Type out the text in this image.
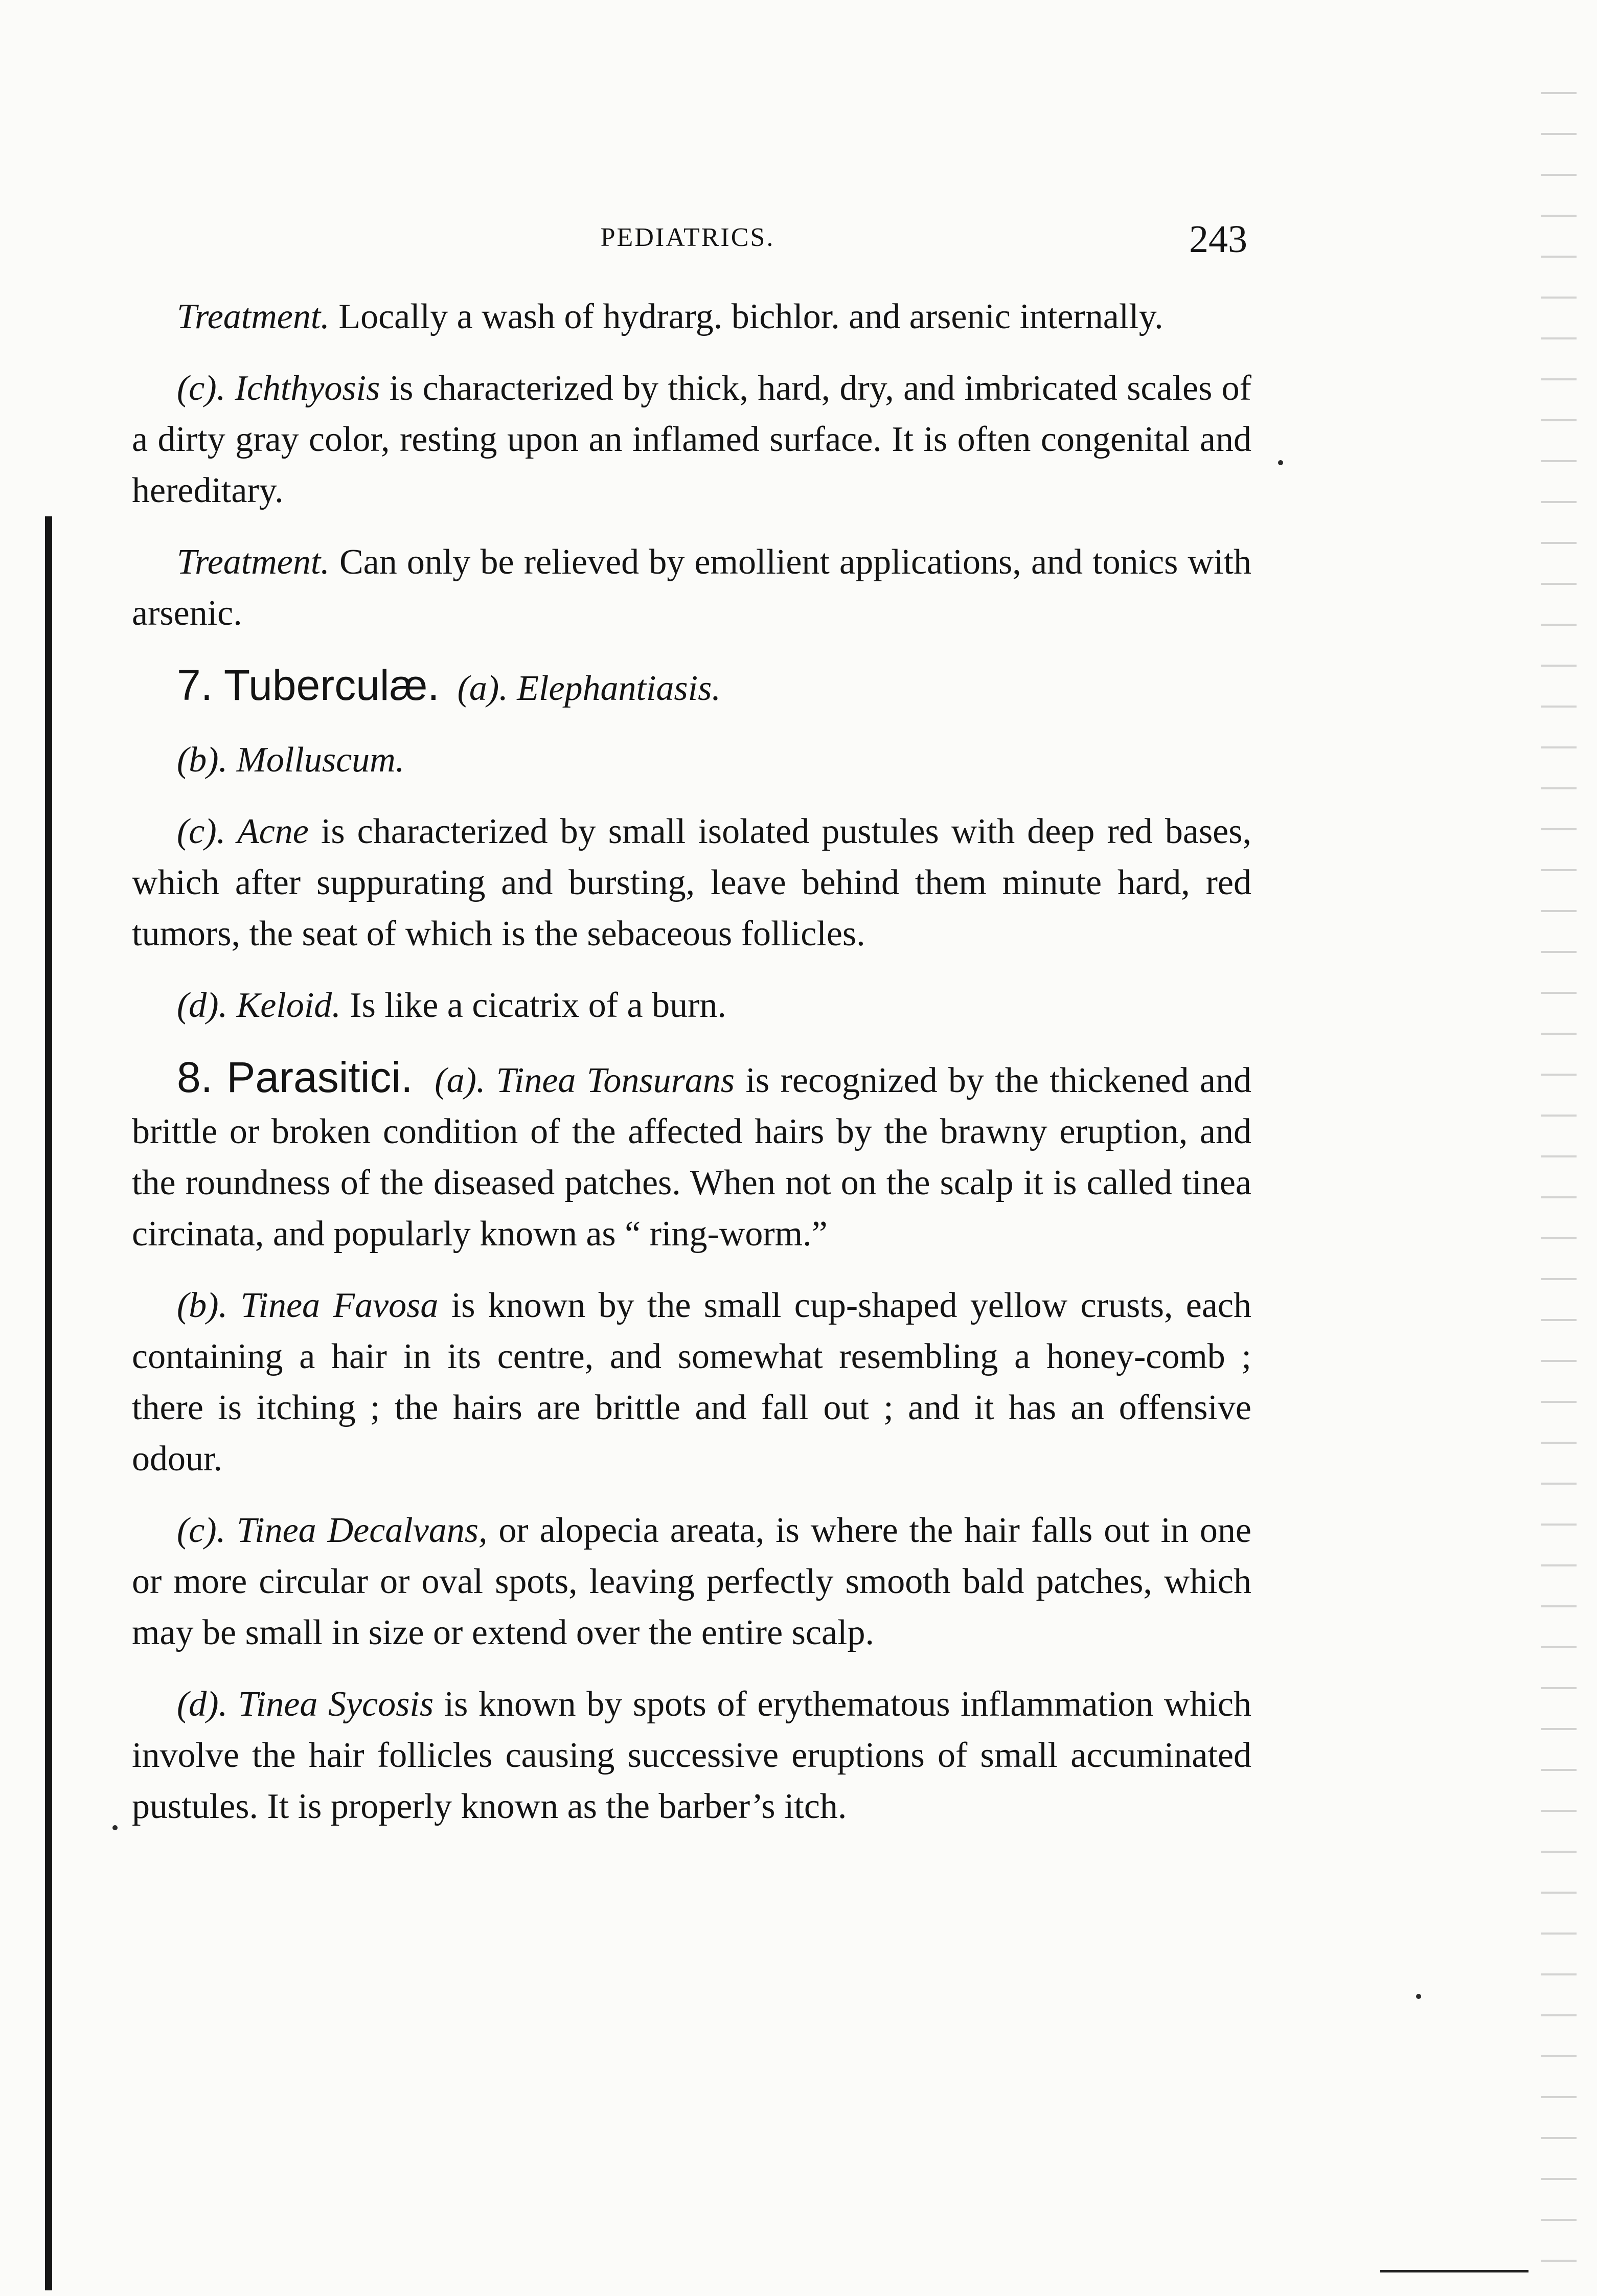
PEDIATRICS.	243

Treatment. Locally a wash of hydrarg. bichlor. and arsenic internally.

(c). Ichthyosis is characterized by thick, hard, dry, and imbricated scales of a dirty gray color, resting upon an inflamed surface. It is often congenital and hereditary.

Treatment. Can only be relieved by emollient applications, and tonics with arsenic.

7. Tuberculæ. (a). Elephantiasis.

(b). Molluscum.

(c). Acne is characterized by small isolated pustules with deep red bases, which after suppurating and bursting, leave behind them minute hard, red tumors, the seat of which is the sebaceous follicles.

(d). Keloid. Is like a cicatrix of a burn.

8. Parasitici. (a). Tinea Tonsurans is recognized by the thickened and brittle or broken condition of the affected hairs by the brawny eruption, and the roundness of the diseased patches. When not on the scalp it is called tinea circinata, and popularly known as “ ring-worm.”

(b). Tinea Favosa is known by the small cup-shaped yellow crusts, each containing a hair in its centre, and somewhat resembling a honey-comb ; there is itching ; the hairs are brittle and fall out ; and it has an offensive odour.

(c). Tinea Decalvans, or alopecia areata, is where the hair falls out in one or more circular or oval spots, leaving perfectly smooth bald patches, which may be small in size or extend over the entire scalp.

(d). Tinea Sycosis is known by spots of erythematous inflammation which involve the hair follicles causing successive eruptions of small accuminated pustules. It is properly known as the barber’s itch.
